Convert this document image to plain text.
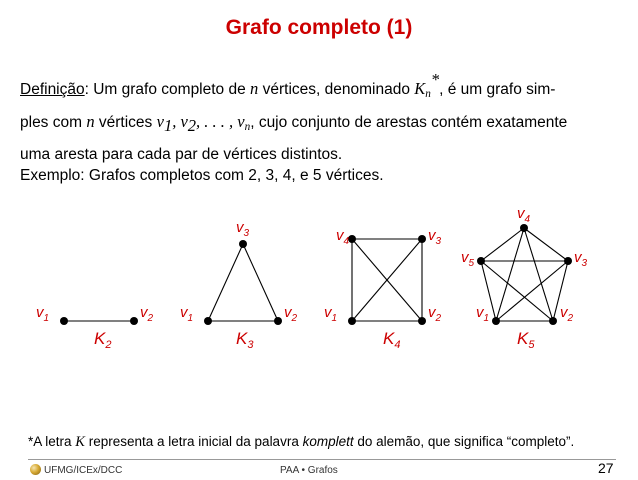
Grafo completo (1)
Definição: Um grafo completo de n vértices, denominado $K_n^*$, é um grafo sim-
ples com n vértices $v_1$, $v_2$, . . . , $v_n$, cujo conjunto de arestas contém exatamente
uma aresta para cada par de vértices distintos.
Exemplo: Grafos completos com 2, 3, 4, e 5 vértices.
$v_1$	$v_2$ $v_1$	$v_2$
$v_3$
$v_1$	$v_2$
$v_3$
$v_4$
$v_1$	$v_2$
$v_3$
$v_4$
$v_5$
$K_2$	$K_3$	$K_4$	$K_5$
*A letra K representa a letra inicial da palavra komplett do alemão, que significa “completo”.
UFMG/ICEx/DCC	PAA • Grafos	27
